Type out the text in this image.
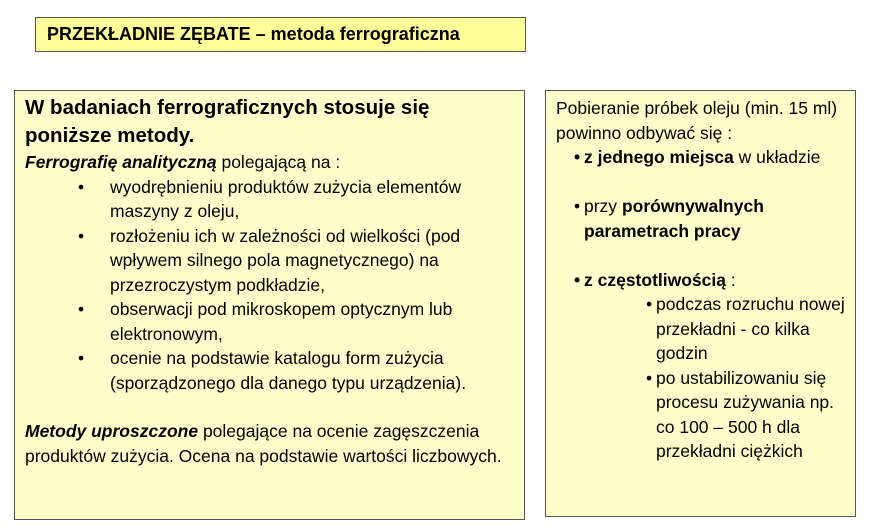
PRZEKŁADNIE ZĘBATE – metoda ferrograficzna

W badaniach ferrograficznych stosuje się poniższe metody.

Ferrografię analityczną polegającą na :

• wyodrębnieniu produktów zużycia elementów maszyny z oleju,
• rozłożeniu ich w zależności od wielkości (pod wpływem silnego pola magnetycznego) na przezroczystym podkładzie,
• obserwacji pod mikroskopem optycznym lub elektronowym,
• ocenie na podstawie katalogu form zużycia (sporządzonego dla danego typu urządzenia).

Metody uproszczone polegające na ocenie zagęszczenia produktów zużycia. Ocena na podstawie wartości liczbowych.

Pobieranie próbek oleju (min. 15 ml) powinno odbywać się :

• z jednego miejsca w układzie

• przy porównywalnych parametrach pracy

• z częstotliwością :

• podczas rozruchu nowej przekładni - co kilka godzin

• po ustabilizowaniu się procesu zużywania np. co 100 – 500 h dla przekładni ciężkich
